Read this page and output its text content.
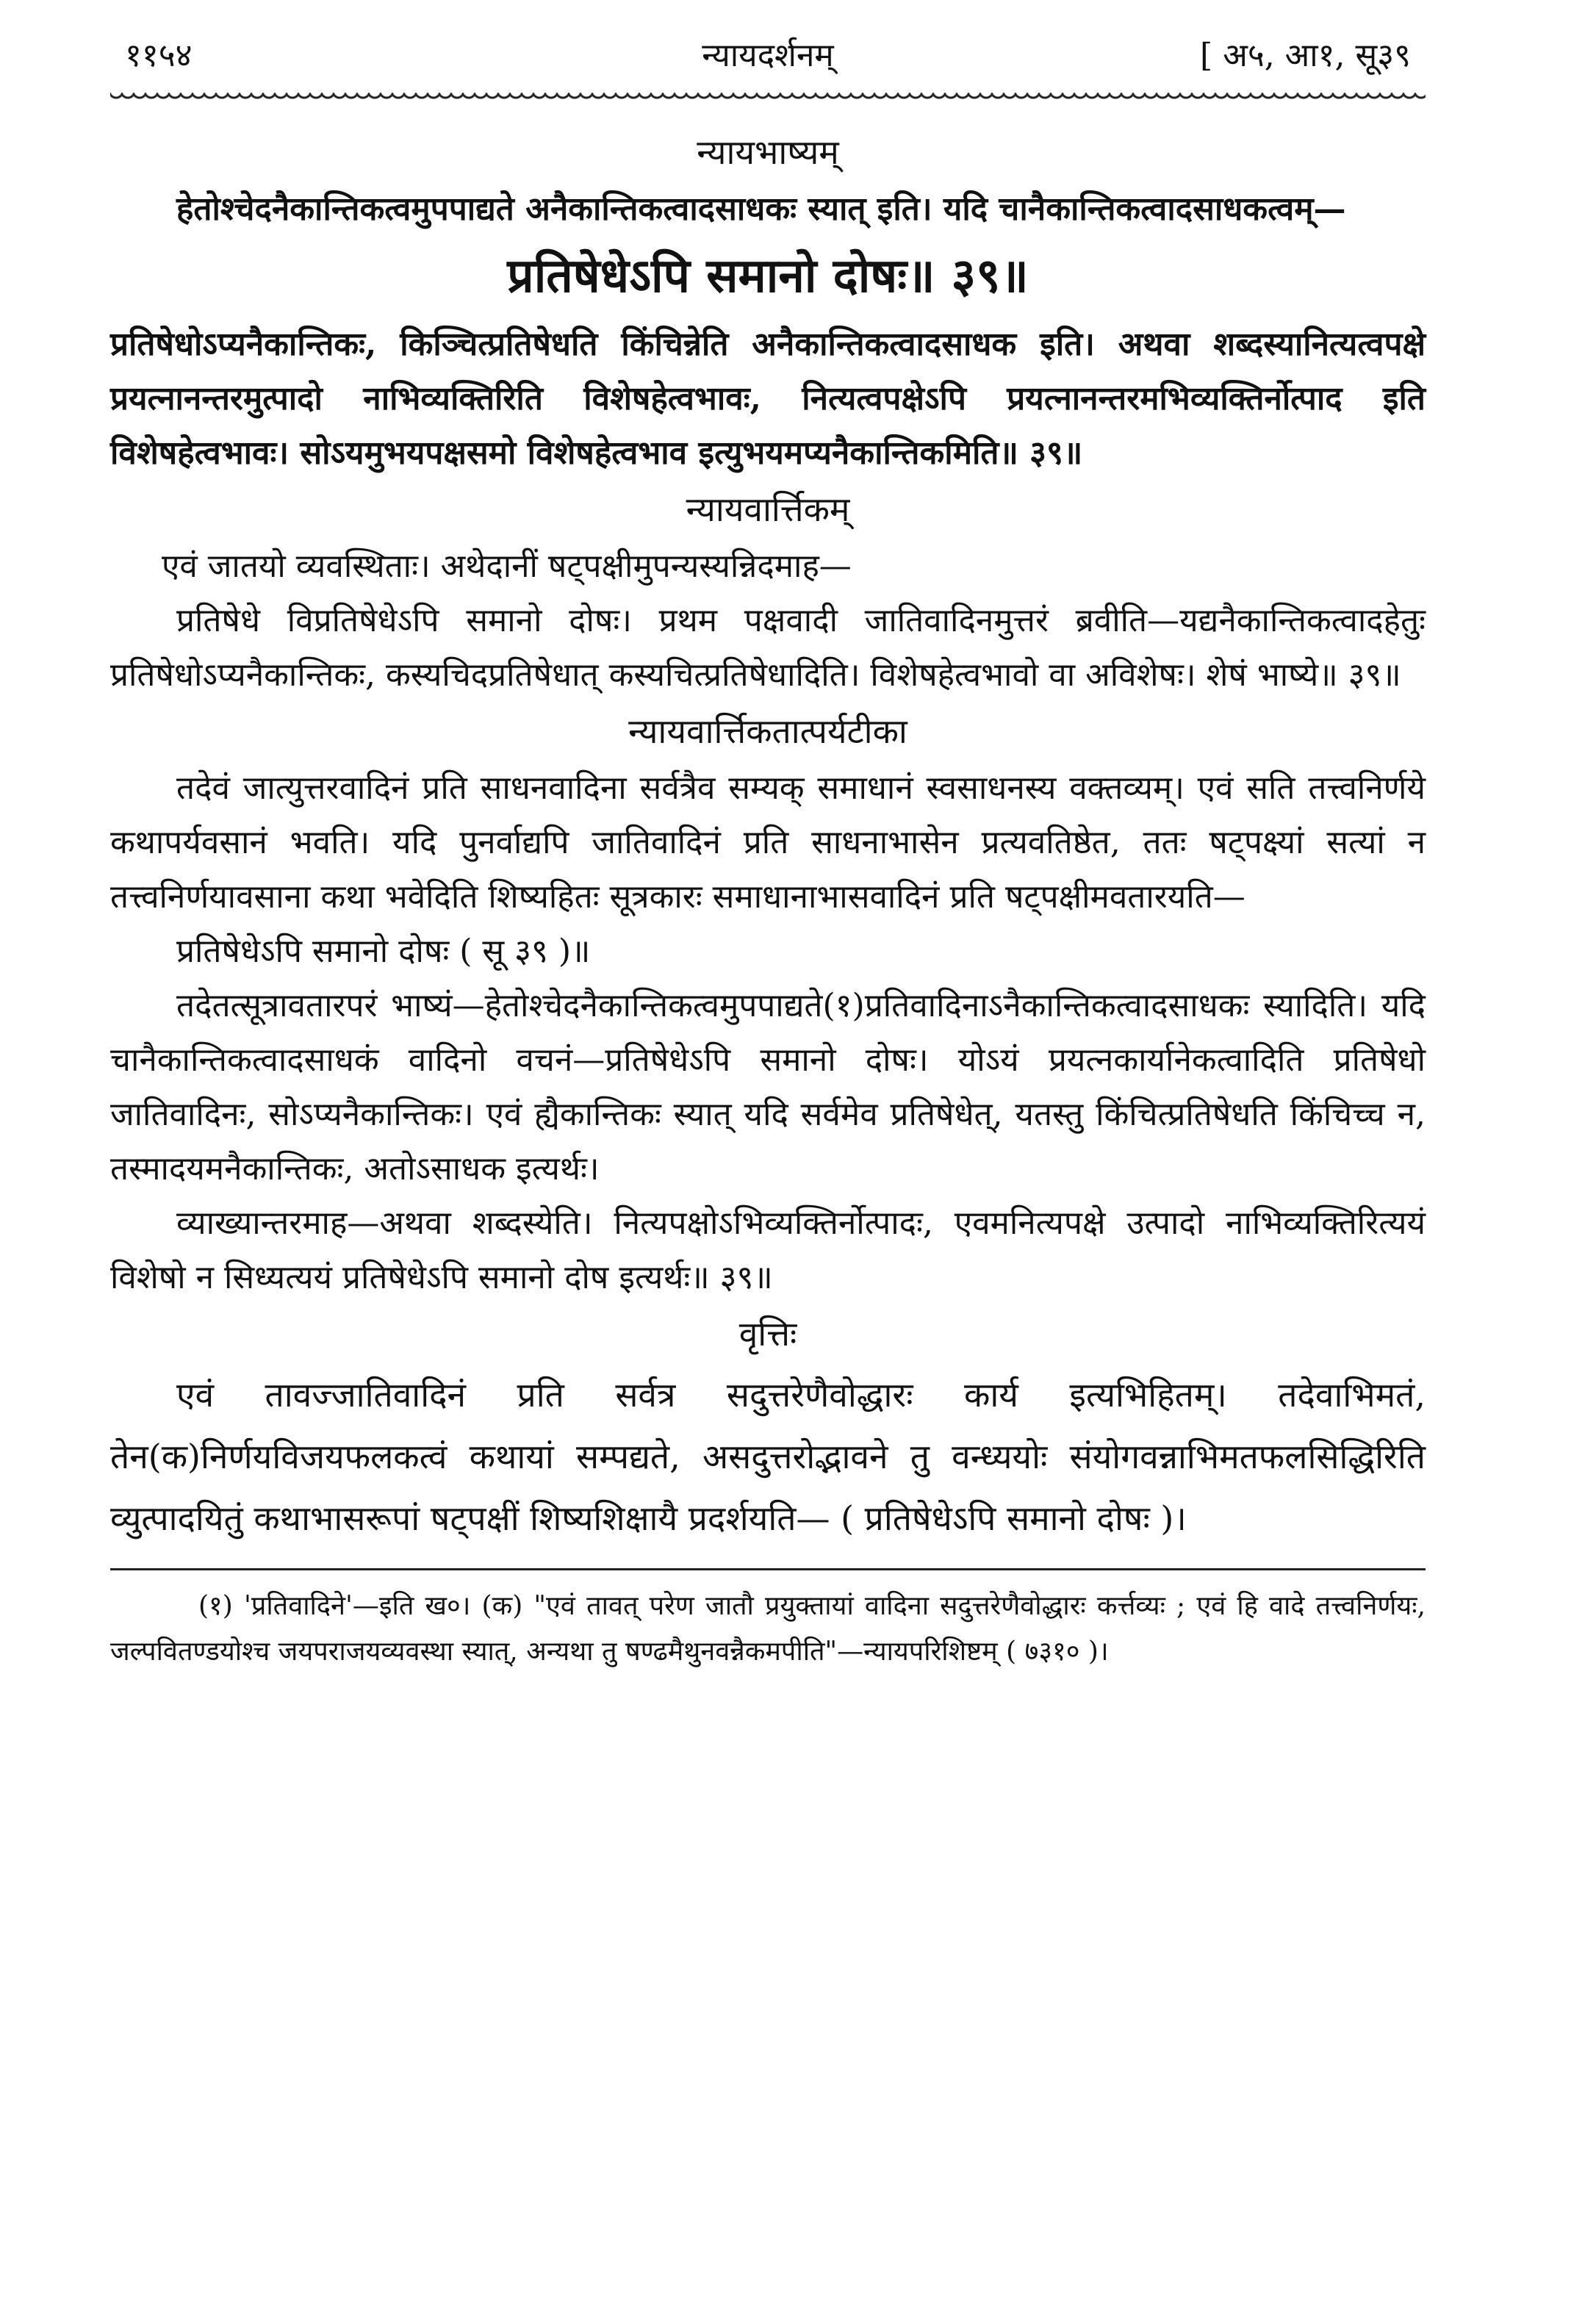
११५४	न्यायदर्शनम्	[ अ५, आ१, सू३९
न्यायभाष्यम्

हेतोश्चेदनैकान्तिकत्वमुपपाद्यते अनैकान्तिकत्वादसाधकः स्यात् इति। यदि चानैकान्तिकत्वादसाधकत्वम्—

प्रतिषेधेऽपि समानो दोषः॥ ३९॥

प्रतिषेधोऽप्यनैकान्तिकः, किञ्चित्प्रतिषेधति किंचिन्नेति अनैकान्तिकत्वादसाधक इति। अथवा शब्दस्यानित्यत्वपक्षे प्रयत्नानन्तरमुत्पादो नाभिव्यक्तिरिति विशेषहेत्वभावः, नित्यत्वपक्षेऽपि प्रयत्नानन्तरमभिव्यक्तिर्नोत्पाद इति विशेषहेत्वभावः। सोऽयमुभयपक्षसमो विशेषहेत्वभाव इत्युभयमप्यनैकान्तिकमिति॥ ३९॥

न्यायवार्त्तिकम्

एवं जातयो व्यवस्थिताः। अथेदानीं षट्पक्षीमुपन्यस्यन्निदमाह—

प्रतिषेधे विप्रतिषेधेऽपि समानो दोषः। प्रथम पक्षवादी जातिवादिनमुत्तरं ब्रवीति—यद्यनैकान्तिकत्वादहेतुः प्रतिषेधोऽप्यनैकान्तिकः, कस्यचिदप्रतिषेधात् कस्यचित्प्रतिषेधादिति। विशेषहेत्वभावो वा अविशेषः। शेषं भाष्ये॥ ३९॥

न्यायवार्त्तिकतात्पर्यटीका

तदेवं जात्युत्तरवादिनं प्रति साधनवादिना सर्वत्रैव सम्यक् समाधानं स्वसाधनस्य वक्तव्यम्। एवं सति तत्त्वनिर्णये कथापर्यवसानं भवति। यदि पुनर्वाद्यपि जातिवादिनं प्रति साधनाभासेन प्रत्यवतिष्ठेत, ततः षट्पक्ष्यां सत्यां न तत्त्वनिर्णयावसाना कथा भवेदिति शिष्यहितः सूत्रकारः समाधानाभासवादिनं प्रति षट्पक्षीमवतारयति—

प्रतिषेधेऽपि समानो दोषः ( सू ३९ )॥

तदेतत्सूत्रावतारपरं भाष्यं—हेतोश्चेदनैकान्तिकत्वमुपपाद्यते(१)प्रतिवादिनाऽनैकान्तिकत्वादसाधकः स्यादिति। यदि चानैकान्तिकत्वादसाधकं वादिनो वचनं—प्रतिषेधेऽपि समानो दोषः। योऽयं प्रयत्नकार्यानेकत्वादिति प्रतिषेधो जातिवादिनः, सोऽप्यनैकान्तिकः। एवं ह्यैकान्तिकः स्यात् यदि सर्वमेव प्रतिषेधेत्, यतस्तु किंचित्प्रतिषेधति किंचिच्च न, तस्मादयमनैकान्तिकः, अतोऽसाधक इत्यर्थः।

व्याख्यान्तरमाह—अथवा शब्दस्येति। नित्यपक्षोऽभिव्यक्तिर्नोत्पादः, एवमनित्यपक्षे उत्पादो नाभिव्यक्तिरित्ययं विशेषो न सिध्यत्ययं प्रतिषेधेऽपि समानो दोष इत्यर्थः॥ ३९॥

वृत्तिः

एवं तावज्जातिवादिनं प्रति सर्वत्र सदुत्तरेणैवोद्धारः कार्य इत्यभिहितम्। तदेवाभिमतं, तेन(क)निर्णयविजयफलकत्वं कथायां सम्पद्यते, असदुत्तरोद्भावने तु वन्ध्ययोः संयोगवन्नाभिमतफलसिद्धिरिति व्युत्पादयितुं कथाभासरूपां षट्पक्षीं शिष्यशिक्षायै प्रदर्शयति— ( प्रतिषेधेऽपि समानो दोषः )।

(१) 'प्रतिवादिने'—इति ख०। (क) "एवं तावत् परेण जातौ प्रयुक्तायां वादिना सदुत्तरेणैवोद्धारः कर्त्तव्यः ; एवं हि वादे तत्त्वनिर्णयः, जल्पवितण्डयोश्च जयपराजयव्यवस्था स्यात्, अन्यथा तु षण्ढमैथुनवन्नैकमपीति"—न्यायपरिशिष्टम् ( ७३१० )।
